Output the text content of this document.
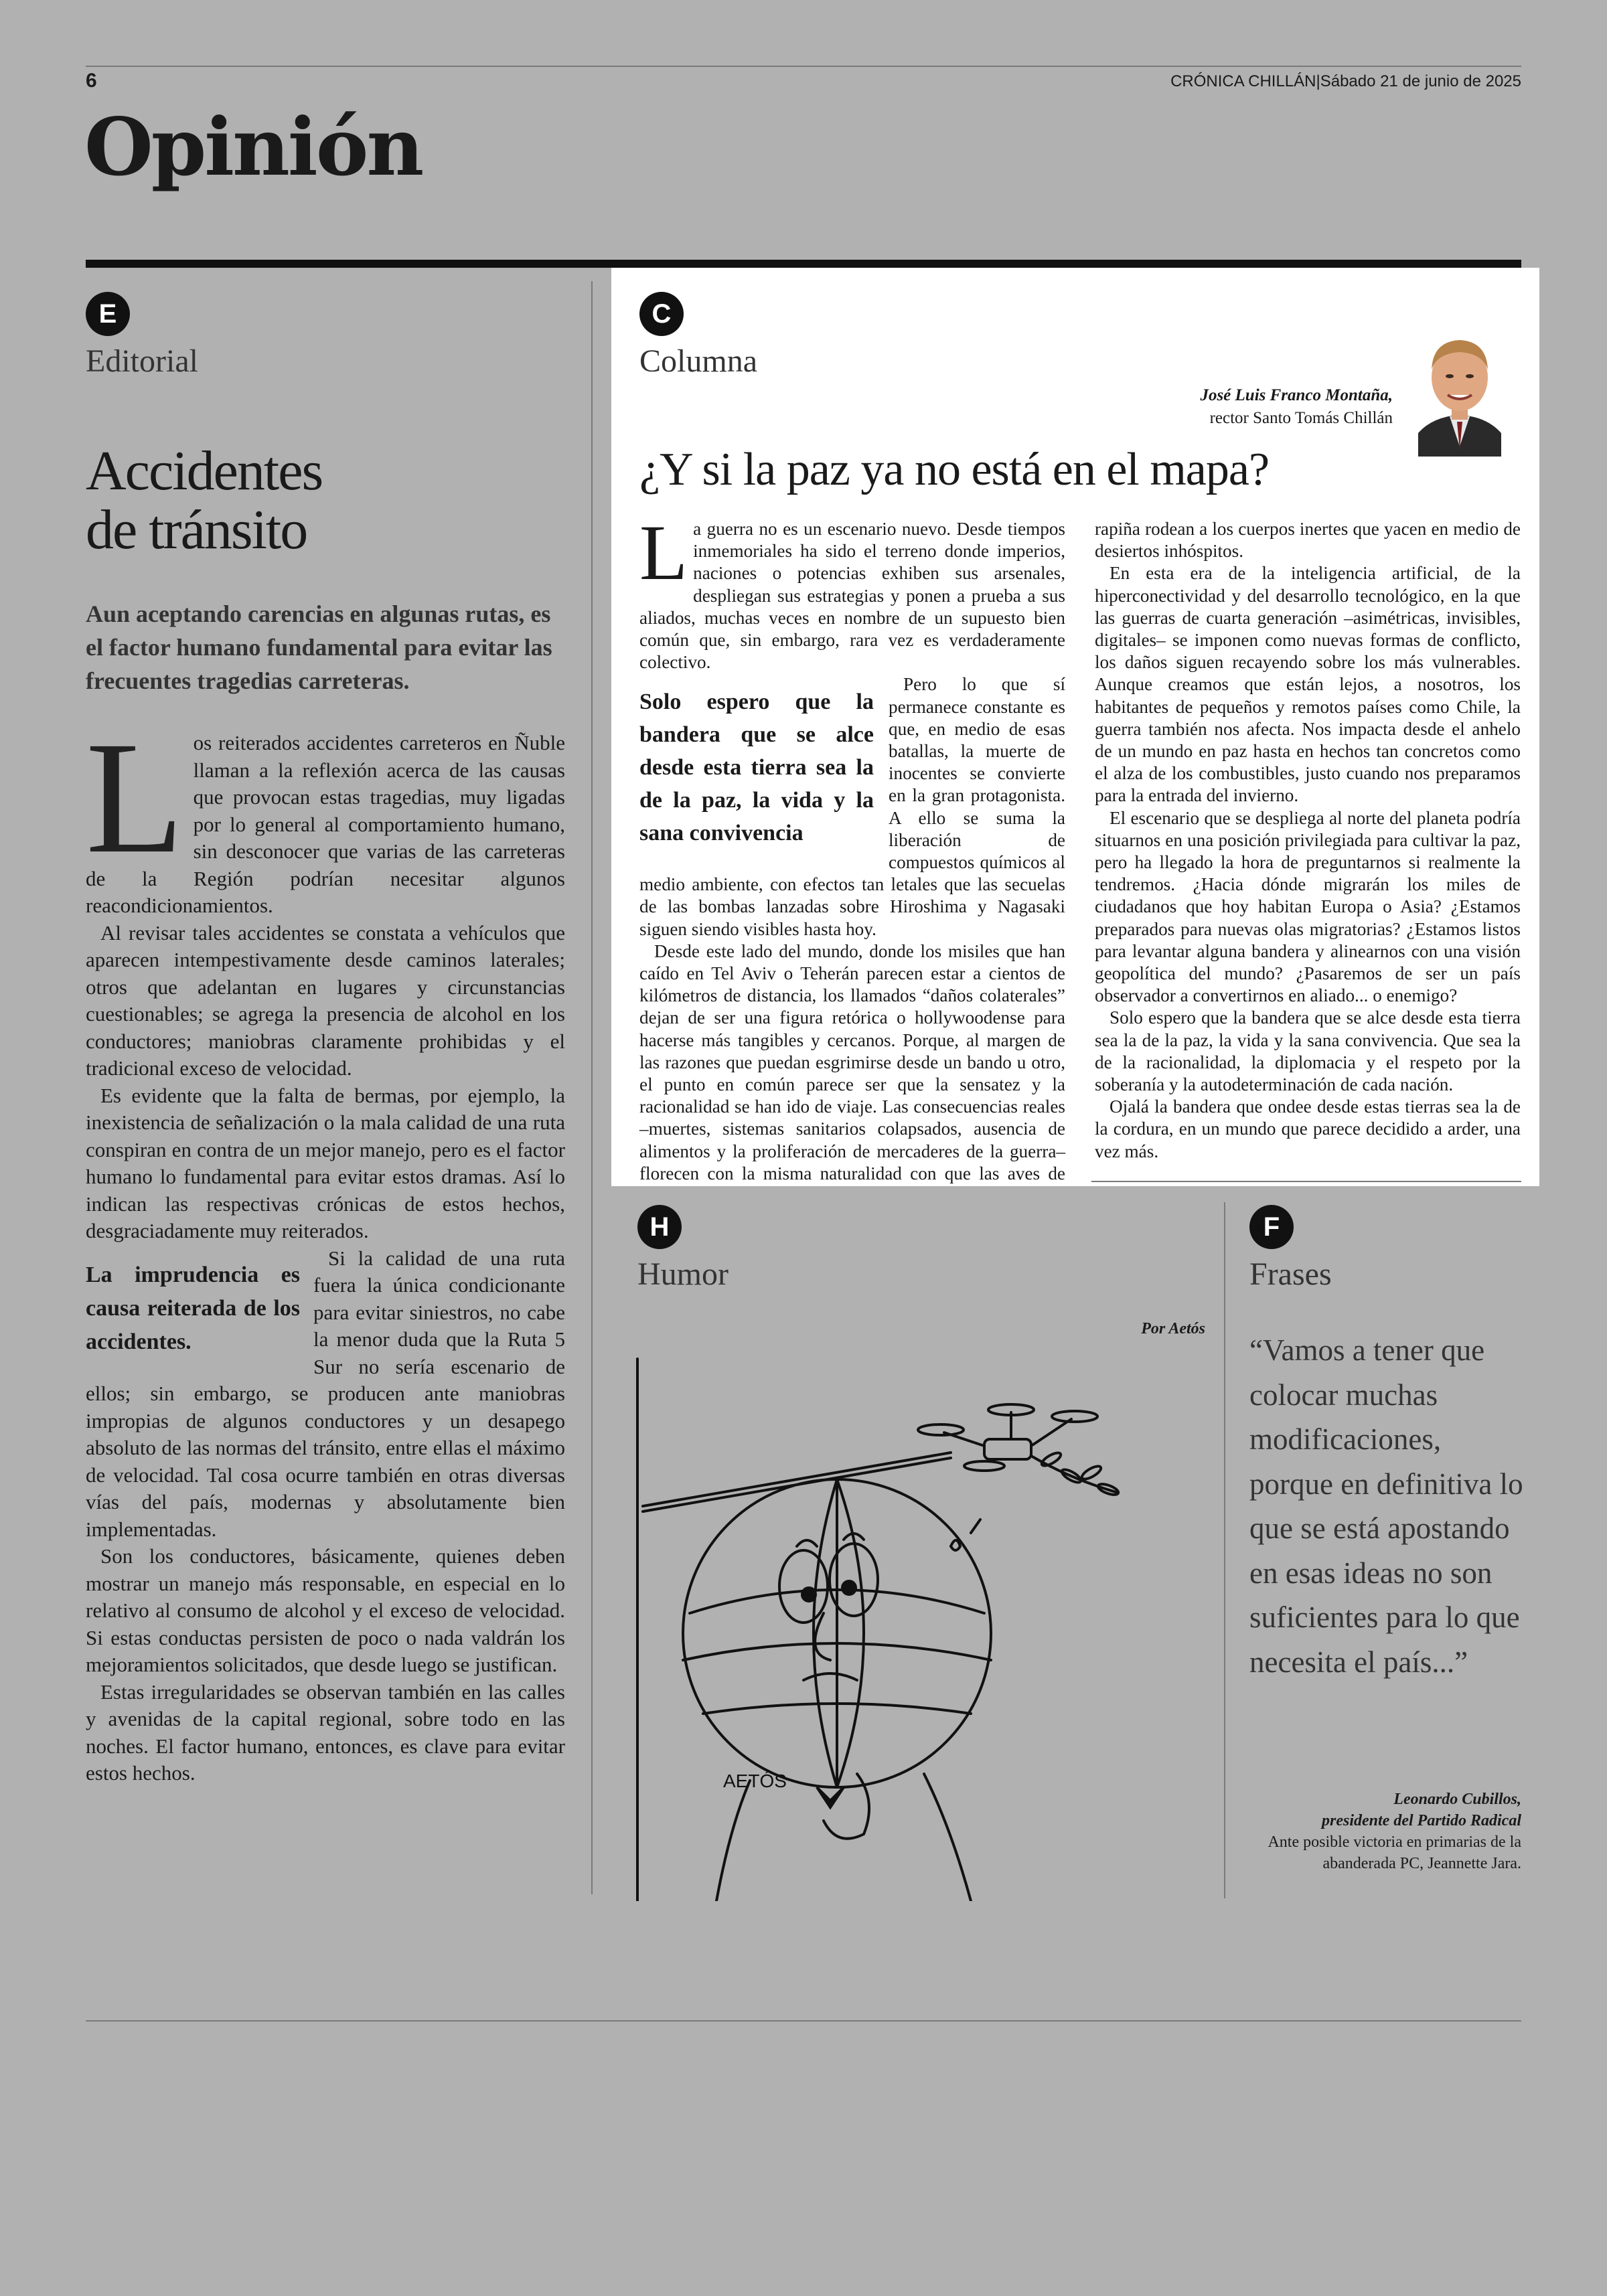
6	CRÓNICA CHILLÁN|Sábado 21 de junio de 2025
Opinión
E
Editorial
Accidentes
de tránsito
Aun aceptando carencias en algunas rutas, es el factor humano fundamental para evitar las frecuentes tragedias carreteras.
L os reiterados accidentes carreteros en Ñuble llaman a la reflexión acerca de las causas que provocan estas tragedias, muy ligadas por lo general al comportamiento humano, sin desconocer que varias de las carreteras de la Región podrían necesitar algunos reacondicionamientos.

Al revisar tales accidentes se constata a vehículos que aparecen intempestivamente desde caminos laterales; otros que adelantan en lugares y circunstancias cuestionables; se agrega la presencia de alcohol en los conductores; maniobras claramente prohibidas y el tradicional exceso de velocidad.

Es evidente que la falta de bermas, por ejemplo, la inexistencia de señalización o la mala calidad de una ruta conspiran en contra de un mejor manejo, pero es el factor humano lo fundamental para evitar estos dramas. Así lo indican las respectivas crónicas de estos hechos, desgraciadamente muy reiterados.

La imprudencia es causa reiterada de los accidentes.

Si la calidad de una ruta fuera la única condicionante para evitar siniestros, no cabe la menor duda que la Ruta 5 Sur no sería escenario de ellos; sin embargo, se producen ante maniobras impropias de algunos conductores y un desapego absoluto de las normas del tránsito, entre ellas el máximo de velocidad. Tal cosa ocurre también en otras diversas vías del país, modernas y absolutamente bien implementadas.

Son los conductores, básicamente, quienes deben mostrar un manejo más responsable, en especial en lo relativo al consumo de alcohol y el exceso de velocidad. Si estas conductas persisten de poco o nada valdrán los mejoramientos solicitados, que desde luego se justifican.

Estas irregularidades se observan también en las calles y avenidas de la capital regional, sobre todo en las noches. El factor humano, entonces, es clave para evitar estos hechos.

C
Columna
José Luis Franco Montaña,
rector Santo Tomás Chillán
¿Y si la paz ya no está en el mapa?
L a guerra no es un escenario nuevo. Desde tiempos inmemoriales ha sido el terreno donde imperios, naciones o potencias exhiben sus arsenales, despliegan sus estrategias y ponen a prueba a sus aliados, muchas veces en nombre de un supuesto bien común que, sin embargo, rara vez es verdaderamente colectivo.

Solo espero que la bandera que se alce desde esta tierra sea la de la paz, la vida y la sana convivencia

Pero lo que sí permanece constante es que, en medio de esas batallas, la muerte de inocentes se convierte en la gran protagonista. A ello se suma la liberación de compuestos químicos al medio ambiente, con efectos tan letales que las secuelas de las bombas lanzadas sobre Hiroshima y Nagasaki siguen siendo visibles hasta hoy.

Desde este lado del mundo, donde los misiles que han caído en Tel Aviv o Teherán parecen estar a cientos de kilómetros de distancia, los llamados “daños colaterales” dejan de ser una figura retórica o hollywoodense para hacerse más tangibles y cercanos. Porque, al margen de las razones que puedan esgrimirse desde un bando u otro, el punto en común parece ser que la sensatez y la racionalidad se han ido de viaje. Las consecuencias reales –muertes, sistemas sanitarios colapsados, ausencia de alimentos y la proliferación de mercaderes de la guerra– florecen con la misma naturalidad con que las aves de rapiña rodean a los cuerpos inertes que yacen en medio de desiertos inhóspitos.

En esta era de la inteligencia artificial, de la hiperconectividad y del desarrollo tecnológico, en la que las guerras de cuarta generación –asimétricas, invisibles, digitales– se imponen como nuevas formas de conflicto, los daños siguen recayendo sobre los más vulnerables. Aunque creamos que están lejos, a nosotros, los habitantes de pequeños y remotos países como Chile, la guerra también nos afecta. Nos impacta desde el anhelo de un mundo en paz hasta en hechos tan concretos como el alza de los combustibles, justo cuando nos preparamos para la entrada del invierno.

El escenario que se despliega al norte del planeta podría situarnos en una posición privilegiada para cultivar la paz, pero ha llegado la hora de preguntarnos si realmente la tendremos. ¿Hacia dónde migrarán los miles de ciudadanos que hoy habitan Europa o Asia? ¿Estamos preparados para nuevas olas migratorias? ¿Estamos listos para levantar alguna bandera y alinearnos con una visión geopolítica del mundo? ¿Pasaremos de ser un país observador a convertirnos en aliado... o enemigo?

Solo espero que la bandera que se alce desde esta tierra sea la de la paz, la vida y la sana convivencia. Que sea la de la racionalidad, la diplomacia y el respeto por la soberanía y la autodeterminación de cada nación.

Ojalá la bandera que ondee desde estas tierras sea la de la cordura, en un mundo que parece decidido a arder, una vez más.

H
Humor
Por Aetós
AETÓS
F
Frases
“Vamos a tener que colocar muchas modificaciones, porque en definitiva lo que se está apostando en esas ideas no son suficientes para lo que necesita el país...”
Leonardo Cubillos,
presidente del Partido Radical
Ante posible victoria en primarias de la abanderada PC, Jeannette Jara.
